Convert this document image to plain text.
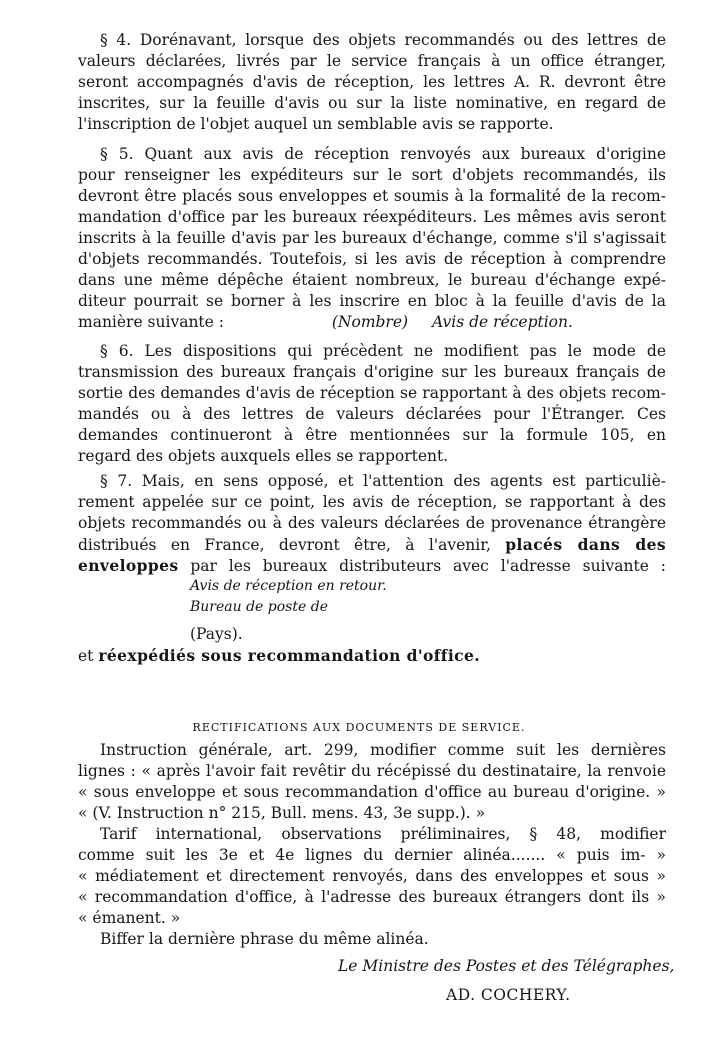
§ 4. Dorénavant, lorsque des objets recommandés ou des lettres de
valeurs déclarées, livrés par le service français à un office étranger,
seront accompagnés d'avis de réception, les lettres A. R. devront être
inscrites, sur la feuille d'avis ou sur la liste nominative, en regard de
l'inscription de l'objet auquel un semblable avis se rapporte.
§ 5. Quant aux avis de réception renvoyés aux bureaux d'origine
pour renseigner les expéditeurs sur le sort d'objets recommandés, ils
devront être placés sous enveloppes et soumis à la formalité de la recom-
mandation d'office par les bureaux réexpéditeurs. Les mêmes avis seront
inscrits à la feuille d'avis par les bureaux d'échange, comme s'il s'agissait
d'objets recommandés. Toutefois, si les avis de réception à comprendre
dans une même dépêche étaient nombreux, le bureau d'échange expé-
diteur pourrait se borner à les inscrire en bloc à la feuille d'avis de la
manière suivante :	(Nombre) Avis de réception.
§ 6. Les dispositions qui précèdent ne modifient pas le mode de
transmission des bureaux français d'origine sur les bureaux français de
sortie des demandes d'avis de réception se rapportant à des objets recom-
mandés ou à des lettres de valeurs déclarées pour l'Étranger. Ces
demandes continueront à être mentionnées sur la formule 105, en
regard des objets auxquels elles se rapportent.
§ 7. Mais, en sens opposé, et l'attention des agents est particuliè-
rement appelée sur ce point, les avis de réception, se rapportant à des
objets recommandés ou à des valeurs déclarées de provenance étrangère
distribués en France, devront être, à l'avenir, placés dans des
enveloppes par les bureaux distributeurs avec l'adresse suivante :
Avis de réception en retour.
Bureau de poste de
(Pays).
et réexpédiés sous recommandation d'office.
RECTIFICATIONS AUX DOCUMENTS DE SERVICE.
Instruction générale, art. 299, modifier comme suit les dernières
lignes : « après l'avoir fait revêtir du récépissé du destinataire, la renvoie
« sous enveloppe et sous recommandation d'office au bureau d'origine. »
« (V. Instruction n° 215, Bull. mens. 43, 3e supp.). »
Tarif international, observations préliminaires, § 48, modifier
comme suit les 3e et 4e lignes du dernier alinéa....... « puis im- »
« médiatement et directement renvoyés, dans des enveloppes et sous »
« recommandation d'office, à l'adresse des bureaux étrangers dont ils »
« émanent. »
Biffer la dernière phrase du même alinéa.
Le Ministre des Postes et des Télégraphes,
AD. COCHERY.
